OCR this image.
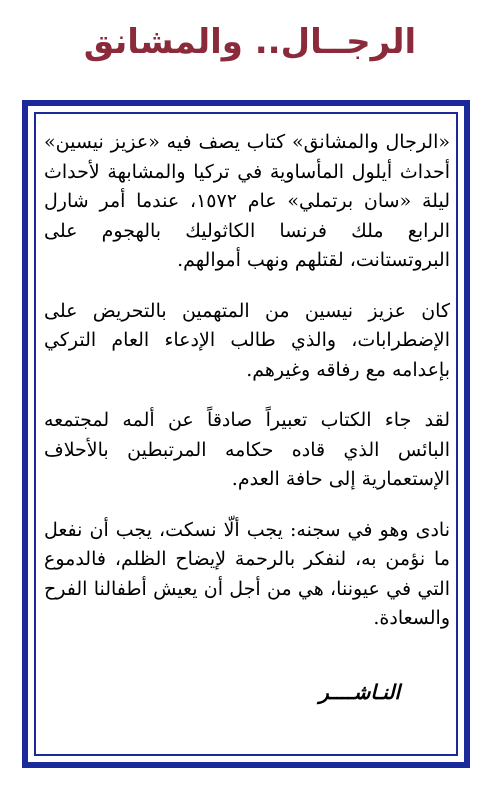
الرجــال.. والمشانق

«الرجال والمشانق» كتاب يصف فيه «عزيز نيسين» أحداث أيلول المأساوية في تركيا والمشابهة لأحداث ليلة «سان برتملي» عام ١٥٧٢، عندما أمر شارل الرابع ملك فرنسا الكاثوليك بالهجوم على البروتستانت، لقتلهم ونهب أموالهم.

كان عزيز نيسين من المتهمين بالتحريض على الإضطرابات، والذي طالب الإدعاء العام التركي بإعدامه مع رفاقه وغيرهم.

لقد جاء الكتاب تعبيراً صادقاً عن ألمه لمجتمعه البائس الذي قاده حكامه المرتبطين بالأحلاف الإستعمارية إلى حافة العدم.

نادى وهو في سجنه: يجب ألّا نسكت، يجب أن نفعل ما نؤمن به، لنفكر بالرحمة لإيضاح الظلم، فالدموع التي في عيوننا، هي من أجل أن يعيش أطفالنا الفرح والسعادة.

النـاشــــر
